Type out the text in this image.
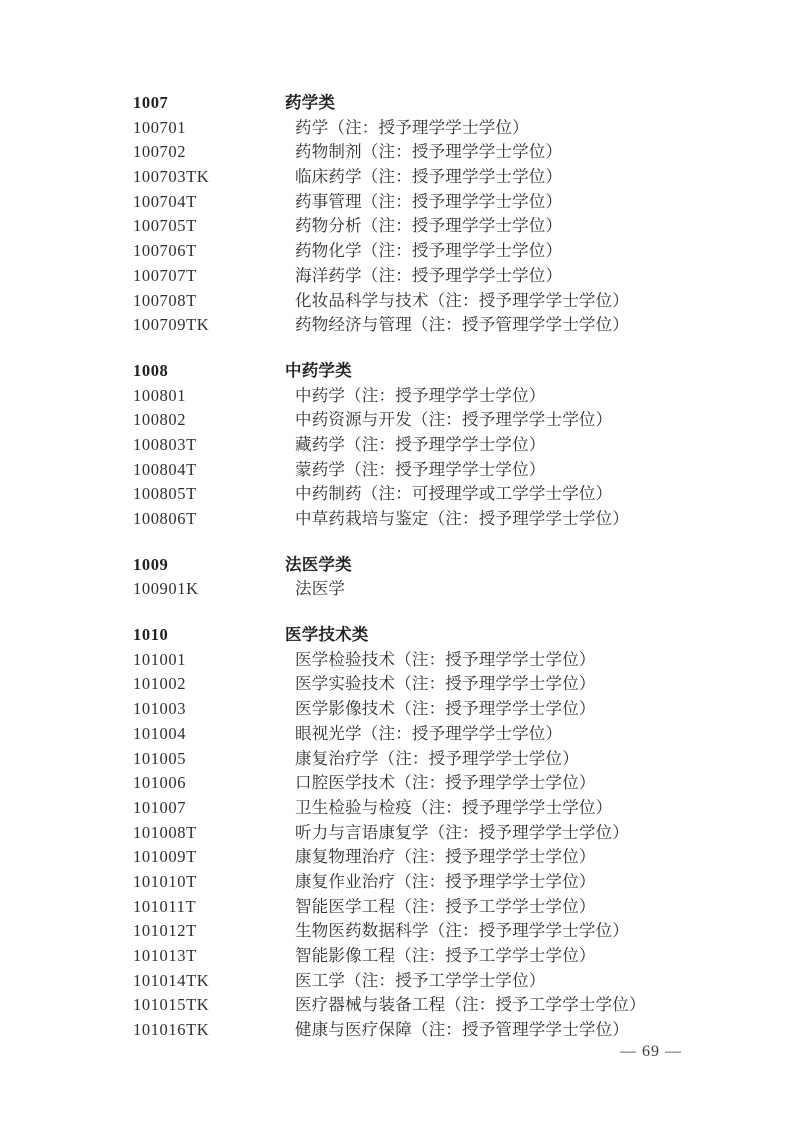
1007	药学类
100701	药学（注：授予理学学士学位）
100702	药物制剂（注：授予理学学士学位）
100703TK	临床药学（注：授予理学学士学位）
100704T	药事管理（注：授予理学学士学位）
100705T	药物分析（注：授予理学学士学位）
100706T	药物化学（注：授予理学学士学位）
100707T	海洋药学（注：授予理学学士学位）
100708T	化妆品科学与技术（注：授予理学学士学位）
100709TK	药物经济与管理（注：授予管理学学士学位）
1008	中药学类
100801	中药学（注：授予理学学士学位）
100802	中药资源与开发（注：授予理学学士学位）
100803T	藏药学（注：授予理学学士学位）
100804T	蒙药学（注：授予理学学士学位）
100805T	中药制药（注：可授理学或工学学士学位）
100806T	中草药栽培与鉴定（注：授予理学学士学位）
1009	法医学类
100901K	法医学
1010	医学技术类
101001	医学检验技术（注：授予理学学士学位）
101002	医学实验技术（注：授予理学学士学位）
101003	医学影像技术（注：授予理学学士学位）
101004	眼视光学（注：授予理学学士学位）
101005	康复治疗学（注：授予理学学士学位）
101006	口腔医学技术（注：授予理学学士学位）
101007	卫生检验与检疫（注：授予理学学士学位）
101008T	听力与言语康复学（注：授予理学学士学位）
101009T	康复物理治疗（注：授予理学学士学位）
101010T	康复作业治疗（注：授予理学学士学位）
101011T	智能医学工程（注：授予工学学士学位）
101012T	生物医药数据科学（注：授予理学学士学位）
101013T	智能影像工程（注：授予工学学士学位）
101014TK	医工学（注：授予工学学士学位）
101015TK	医疗器械与装备工程（注：授予工学学士学位）
101016TK	健康与医疗保障（注：授予管理学学士学位）
— 69 —
